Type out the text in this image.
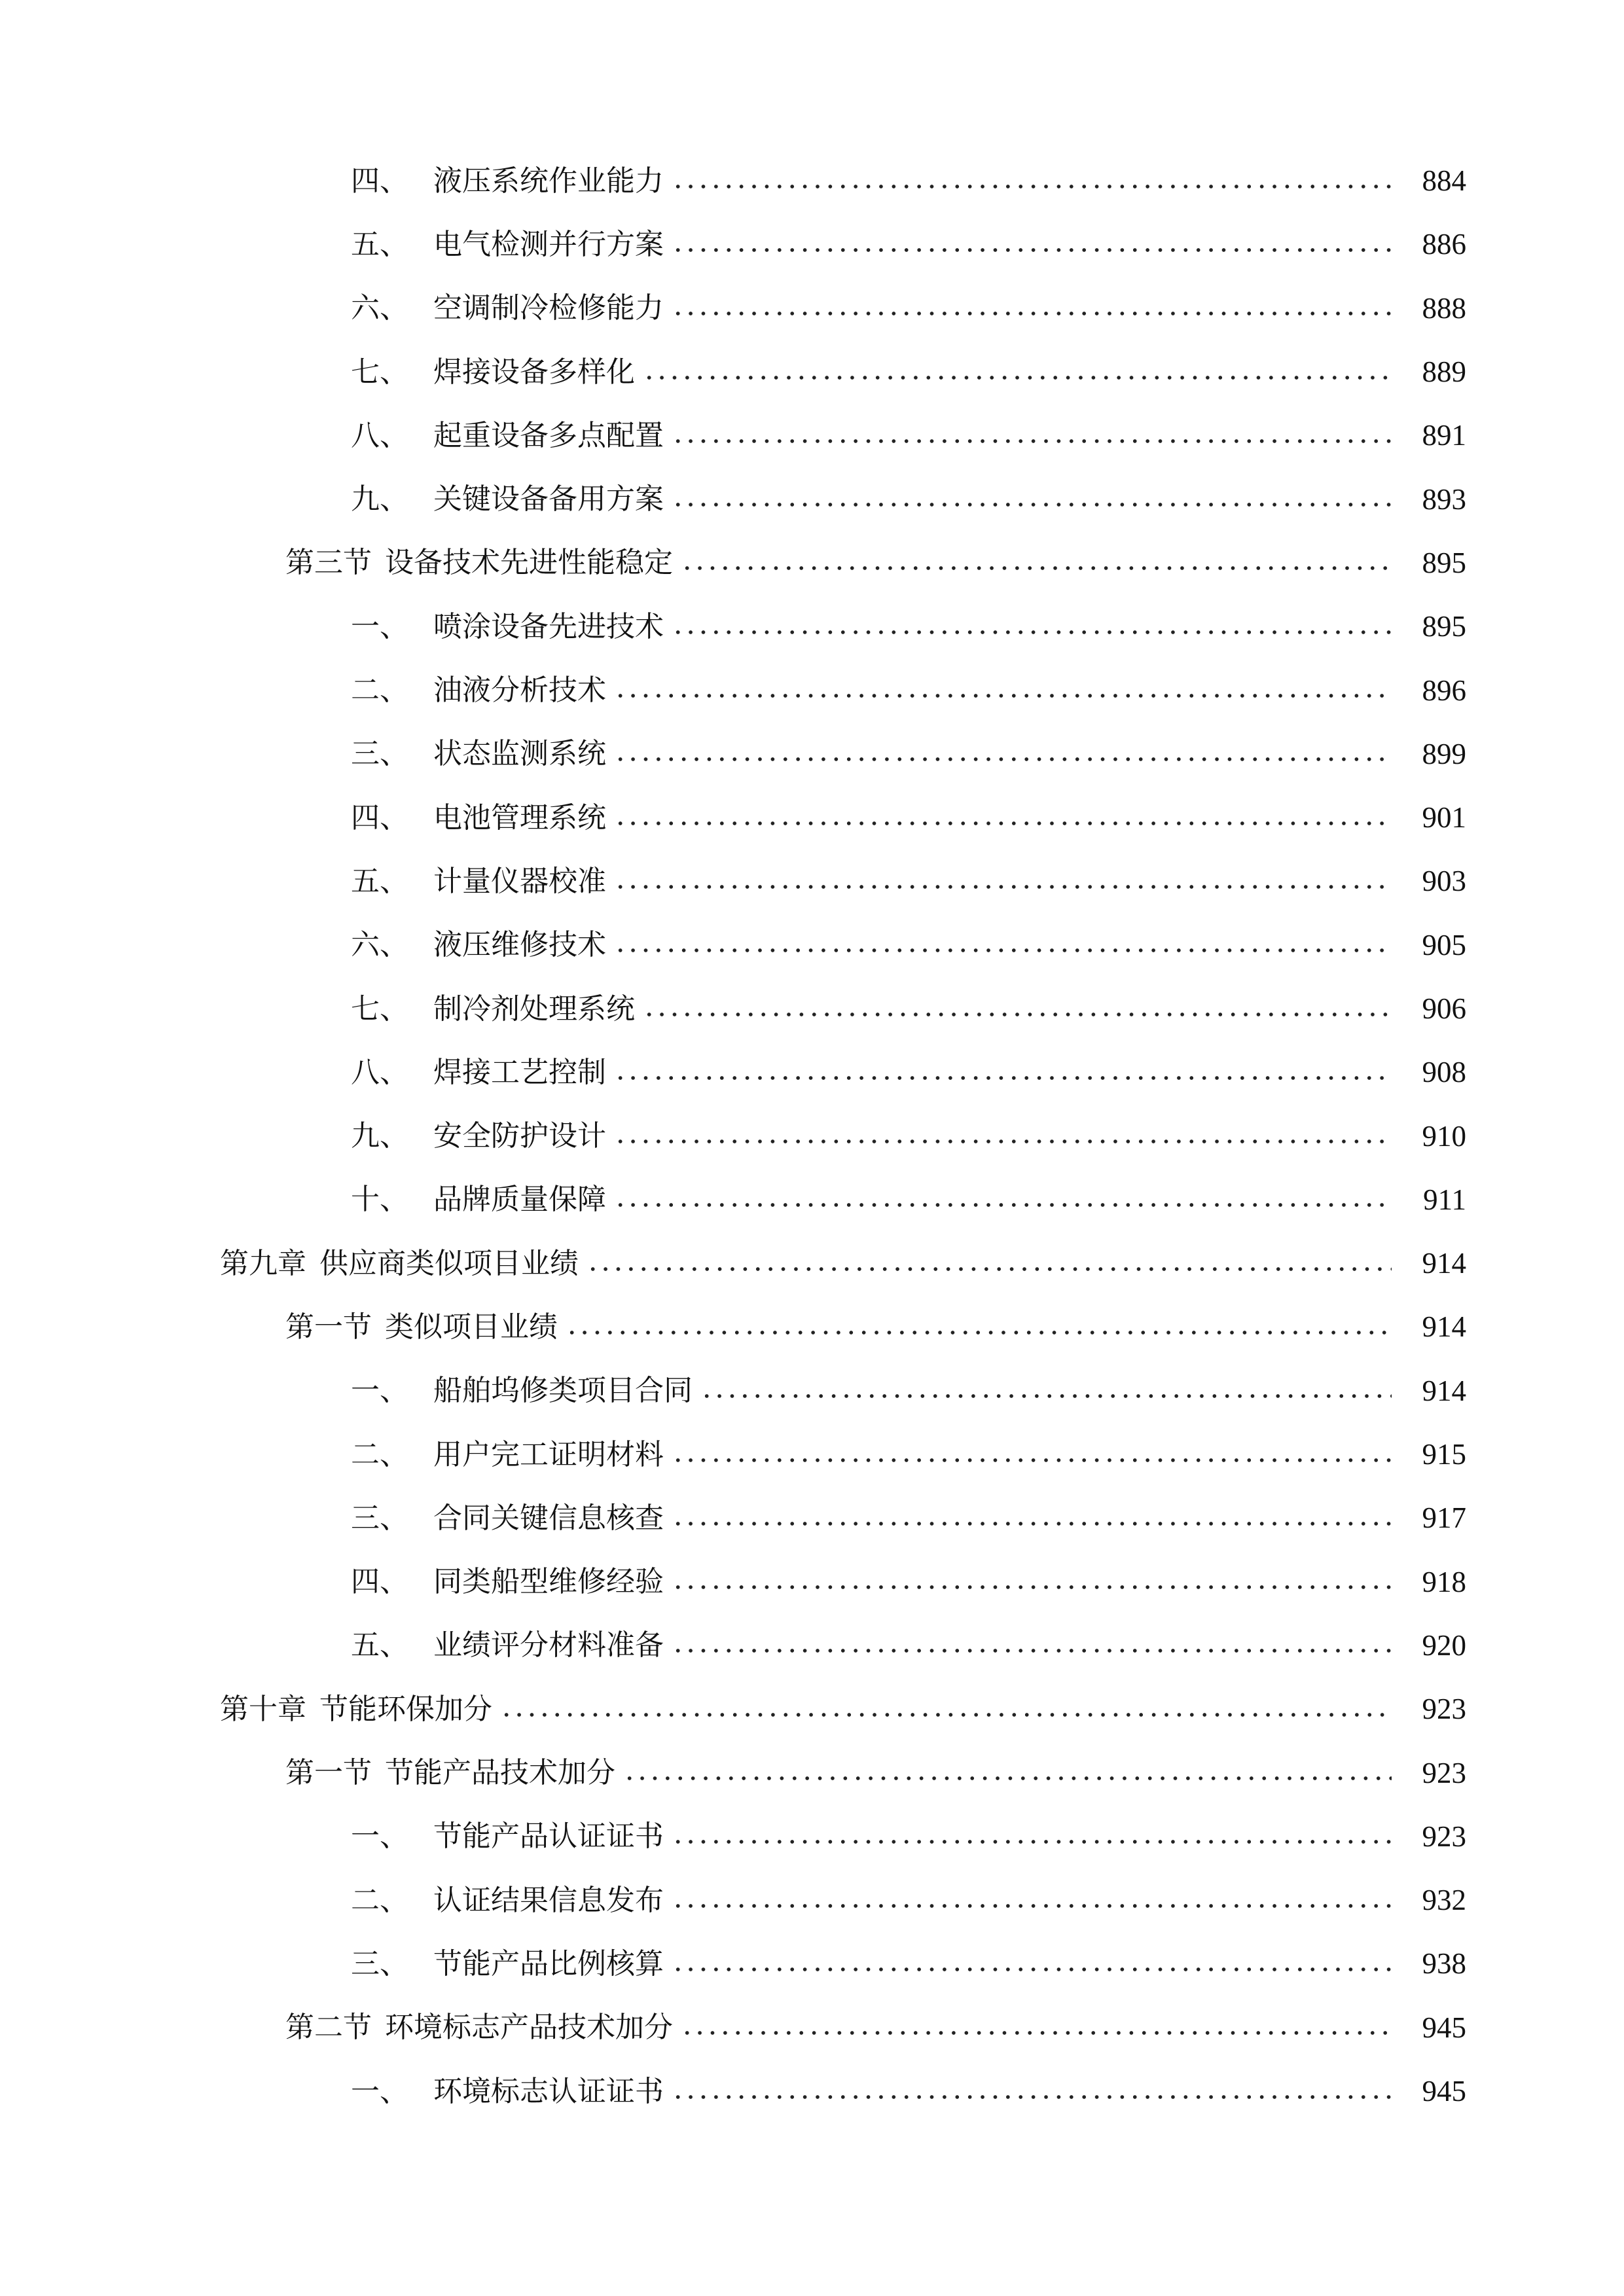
四、 液压系统作业能力	884
五、 电气检测并行方案	886
六、 空调制冷检修能力	888
七、 焊接设备多样化	889
八、 起重设备多点配置	891
九、 关键设备备用方案	893
第三节 设备技术先进性能稳定	895
一、 喷涂设备先进技术	895
二、 油液分析技术	896
三、 状态监测系统	899
四、 电池管理系统	901
五、 计量仪器校准	903
六、 液压维修技术	905
七、 制冷剂处理系统	906
八、 焊接工艺控制	908
九、 安全防护设计	910
十、 品牌质量保障	911
第九章 供应商类似项目业绩	914
第一节 类似项目业绩	914
一、 船舶坞修类项目合同	914
二、 用户完工证明材料	915
三、 合同关键信息核查	917
四、 同类船型维修经验	918
五、 业绩评分材料准备	920
第十章 节能环保加分	923
第一节 节能产品技术加分	923
一、 节能产品认证证书	923
二、 认证结果信息发布	932
三、 节能产品比例核算	938
第二节 环境标志产品技术加分	945
一、 环境标志认证证书	945
